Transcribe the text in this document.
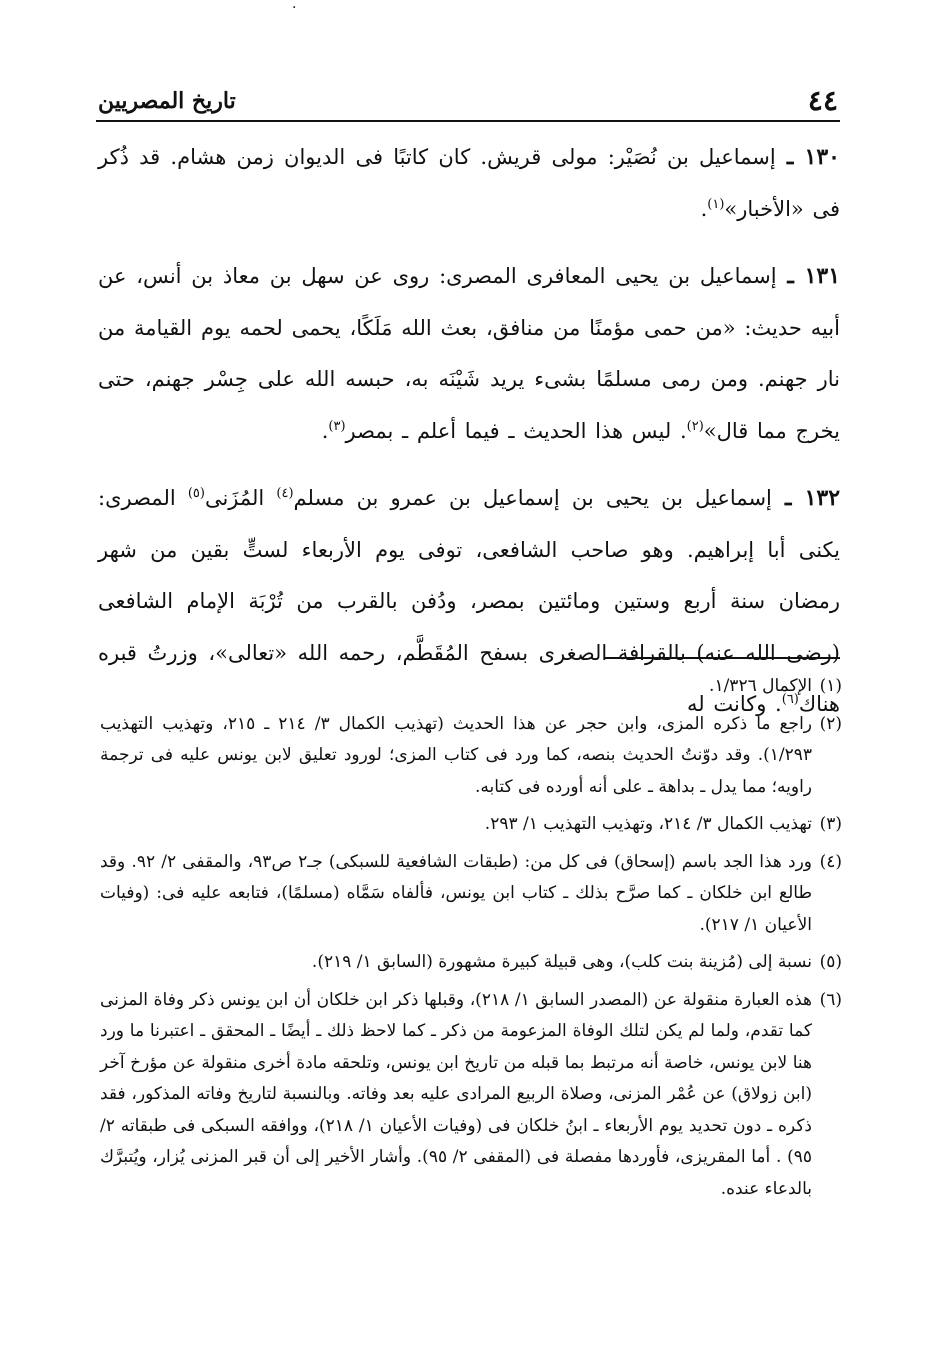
·
٤٤
تاريخ المصريين

١٣٠ ـ إسماعيل بن نُصَيْر: مولى قريش. كان كاتبًا فى الديوان زمن هشام. قد ذُكر فى «الأخبار»$^{(١)}$.

١٣١ ـ إسماعيل بن يحيى المعافرى المصرى: روى عن سهل بن معاذ بن أنس، عن أبيه حديث: «من حمى مؤمنًا من منافق، بعث الله مَلَكًا، يحمى لحمه يوم القيامة من نار جهنم. ومن رمى مسلمًا بشىء يريد شَيْنَه به، حبسه الله على جِسْر جهنم، حتى يخرج مما قال»$^{(٢)}$. ليس هذا الحديث ـ فيما أعلم ـ بمصر$^{(٣)}$.

١٣٢ ـ إسماعيل بن يحيى بن إسماعيل بن عمرو بن مسلم$^{(٤)}$ المُزَنى$^{(٥)}$ المصرى: يكنى أبا إبراهيم. وهو صاحب الشافعى، توفى يوم الأربعاء لستٍّ بقين من شهر رمضان سنة أربع وستين ومائتين بمصر، ودُفن بالقرب من تُرْبَة الإمام الشافعى (رضى الله عنه) بالقرافة الصغرى بسفح المُقَطَّم، رحمه الله «تعالى»، وزرتُ قبره هناك$^{(٦)}$. وكانت له

(١)
الإكمال ١/٣٢٦.

(٢)
راجع ما ذكره المزى، وابن حجر عن هذا الحديث (تهذيب الكمال ٣/ ٢١٤ ـ ٢١٥، وتهذيب التهذيب ١/٢٩٣). وقد دوّنتُ الحديث بنصه، كما ورد فى كتاب المزى؛ لورود تعليق لابن يونس عليه فى ترجمة راويه؛ مما يدل ـ بداهة ـ على أنه أورده فى كتابه.

(٣)
تهذيب الكمال ٣/ ٢١٤، وتهذيب التهذيب ١/ ٢٩٣.

(٤)
ورد هذا الجد باسم (إسحاق) فى كل من: (طبقات الشافعية للسبكى) جـ٢ ص٩٣، والمقفى ٢/ ٩٢. وقد طالع ابن خلكان ـ كما صرَّح بذلك ـ كتاب ابن يونس، فألفاه سَمَّاه (مسلمًا)، فتابعه عليه فى: (وفيات الأعيان ١/ ٢١٧).

(٥)
نسبة إلى (مُزينة بنت كلب)، وهى قبيلة كبيرة مشهورة (السابق ١/ ٢١٩).

(٦)
هذه العبارة منقولة عن (المصدر السابق ١/ ٢١٨)، وقبلها ذكر ابن خلكان أن ابن يونس ذكر وفاة المزنى كما تقدم، ولما لم يكن لتلك الوفاة المزعومة من ذكر ـ كما لاحظ ذلك ـ أيضًا ـ المحقق ـ اعتبرنا ما ورد هنا لابن يونس، خاصة أنه مرتبط بما قبله من تاريخ ابن يونس، وتلحقه مادة أخرى منقولة عن مؤرخ آخر (ابن زولاق) عن عُمْر المزنى، وصلاة الربيع المرادى عليه بعد وفاته. وبالنسبة لتاريخ وفاته المذكور، فقد ذكره ـ دون تحديد يوم الأربعاء ـ ابنُ خلكان فى (وفيات الأعيان ١/ ٢١٨)، ووافقه السبكى فى طبقاته ٢/ ٩٥) . أما المقريزى، فأوردها مفصلة فى (المقفى ٢/ ٩٥). وأشار الأخير إلى أن قبر المزنى يُزار، ويُتبرَّك بالدعاء عنده.
